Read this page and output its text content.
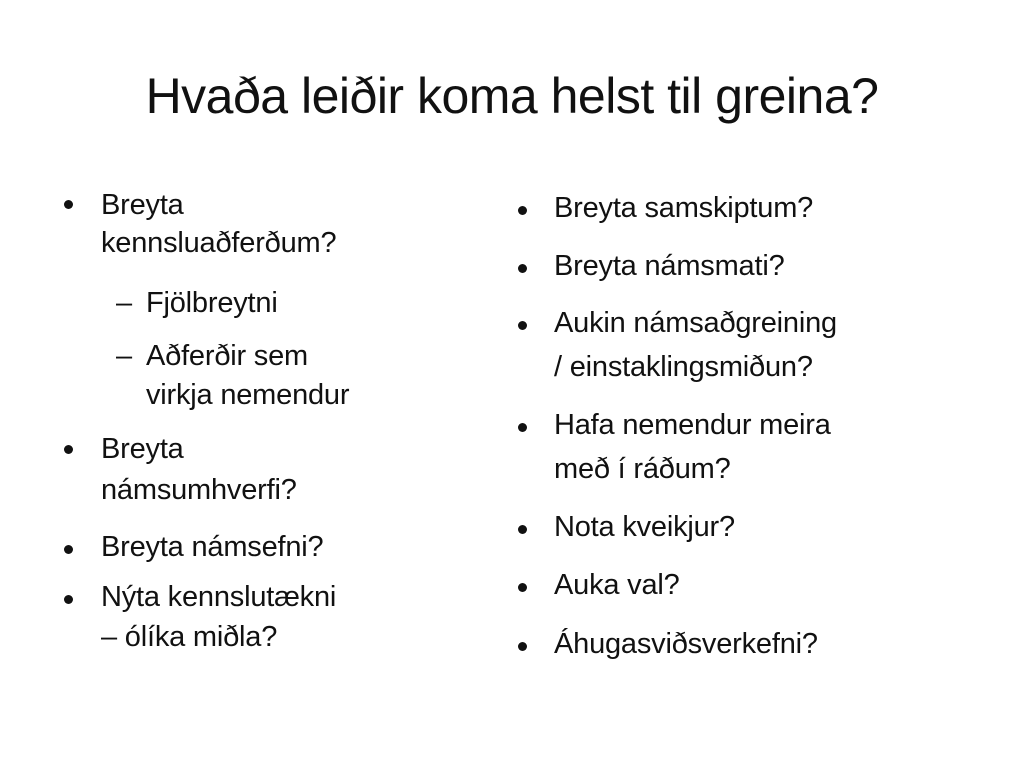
Hvaða leiðir koma helst til greina?
Breyta
kennsluaðferðum?
– Fjölbreytni
– Aðferðir sem
virkja nemendur
Breyta
námsumhverfi?
Breyta námsefni?
Nýta kennslutækni
– ólíka miðla?
Breyta samskiptum?
Breyta námsmati?
Aukin námsaðgreining
/ einstaklingsmiðun?
Hafa nemendur meira
með í ráðum?
Nota kveikjur?
Auka val?
Áhugasviðsverkefni?
